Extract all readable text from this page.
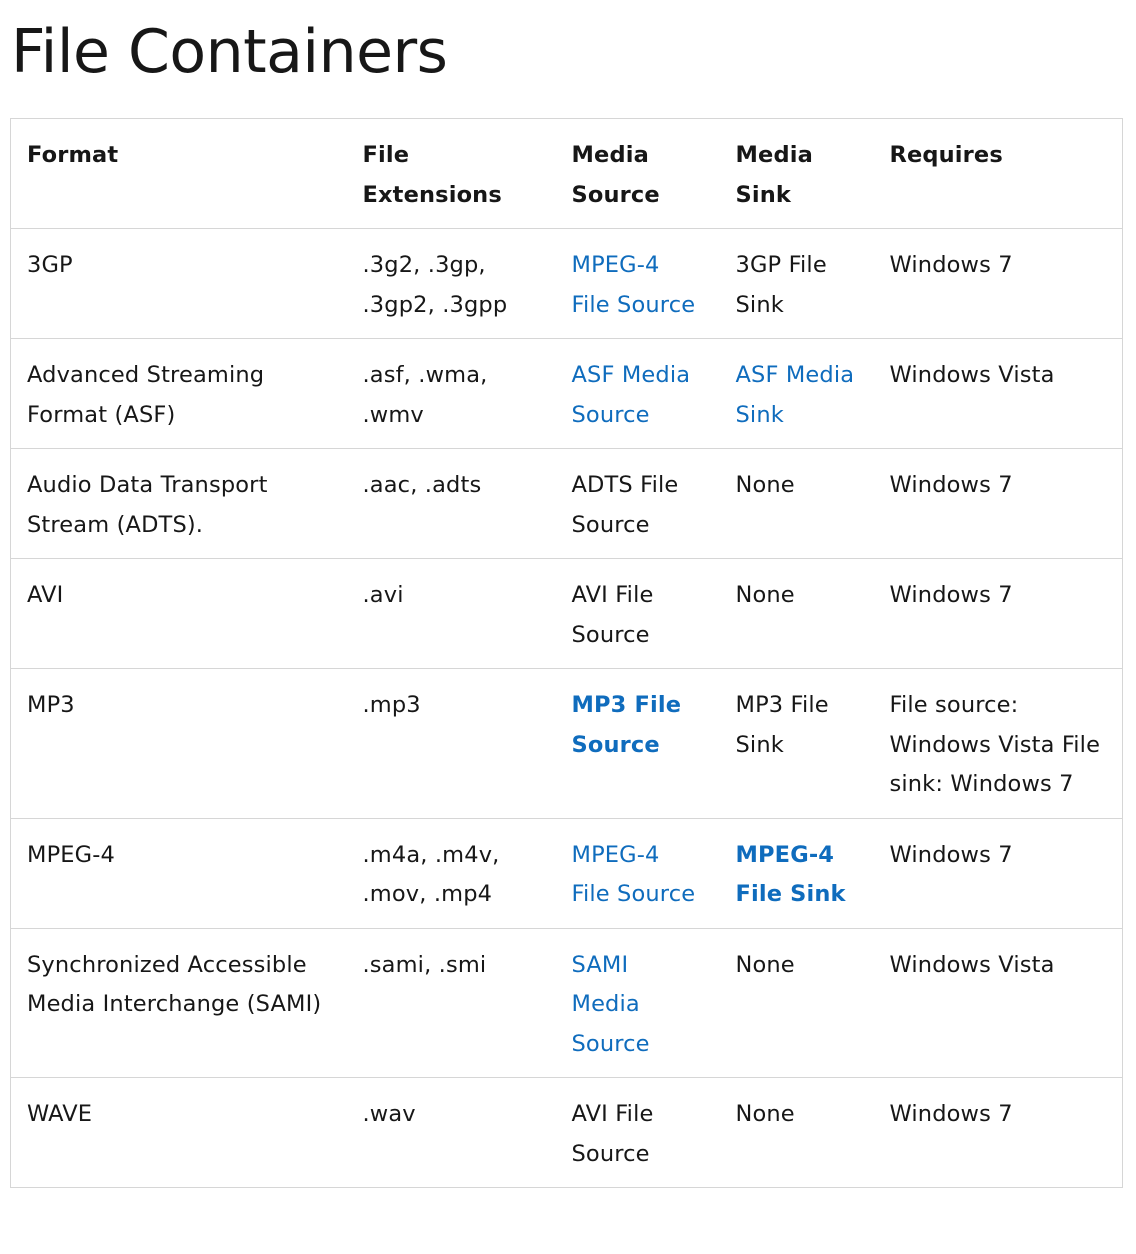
File Containers
Format	File Extensions	Media Source	Media Sink	Requires
3GP	.3g2, .3gp, .3gp2, .3gpp	MPEG-4 File Source	3GP File Sink	Windows 7
Advanced Streaming Format (ASF)	.asf, .wma, .wmv	ASF Media Source	ASF Media Sink	Windows Vista
Audio Data Transport Stream (ADTS).	.aac, .adts	ADTS File Source	None	Windows 7
AVI	.avi	AVI File Source	None	Windows 7
MP3	.mp3	MP3 File Source	MP3 File Sink	File source: Windows Vista File sink: Windows 7
MPEG-4	.m4a, .m4v, .mov, .mp4	MPEG-4 File Source	MPEG-4 File Sink	Windows 7
Synchronized Accessible Media Interchange (SAMI)	.sami, .smi	SAMI Media Source	None	Windows Vista
WAVE	.wav	AVI File Source	None	Windows 7
